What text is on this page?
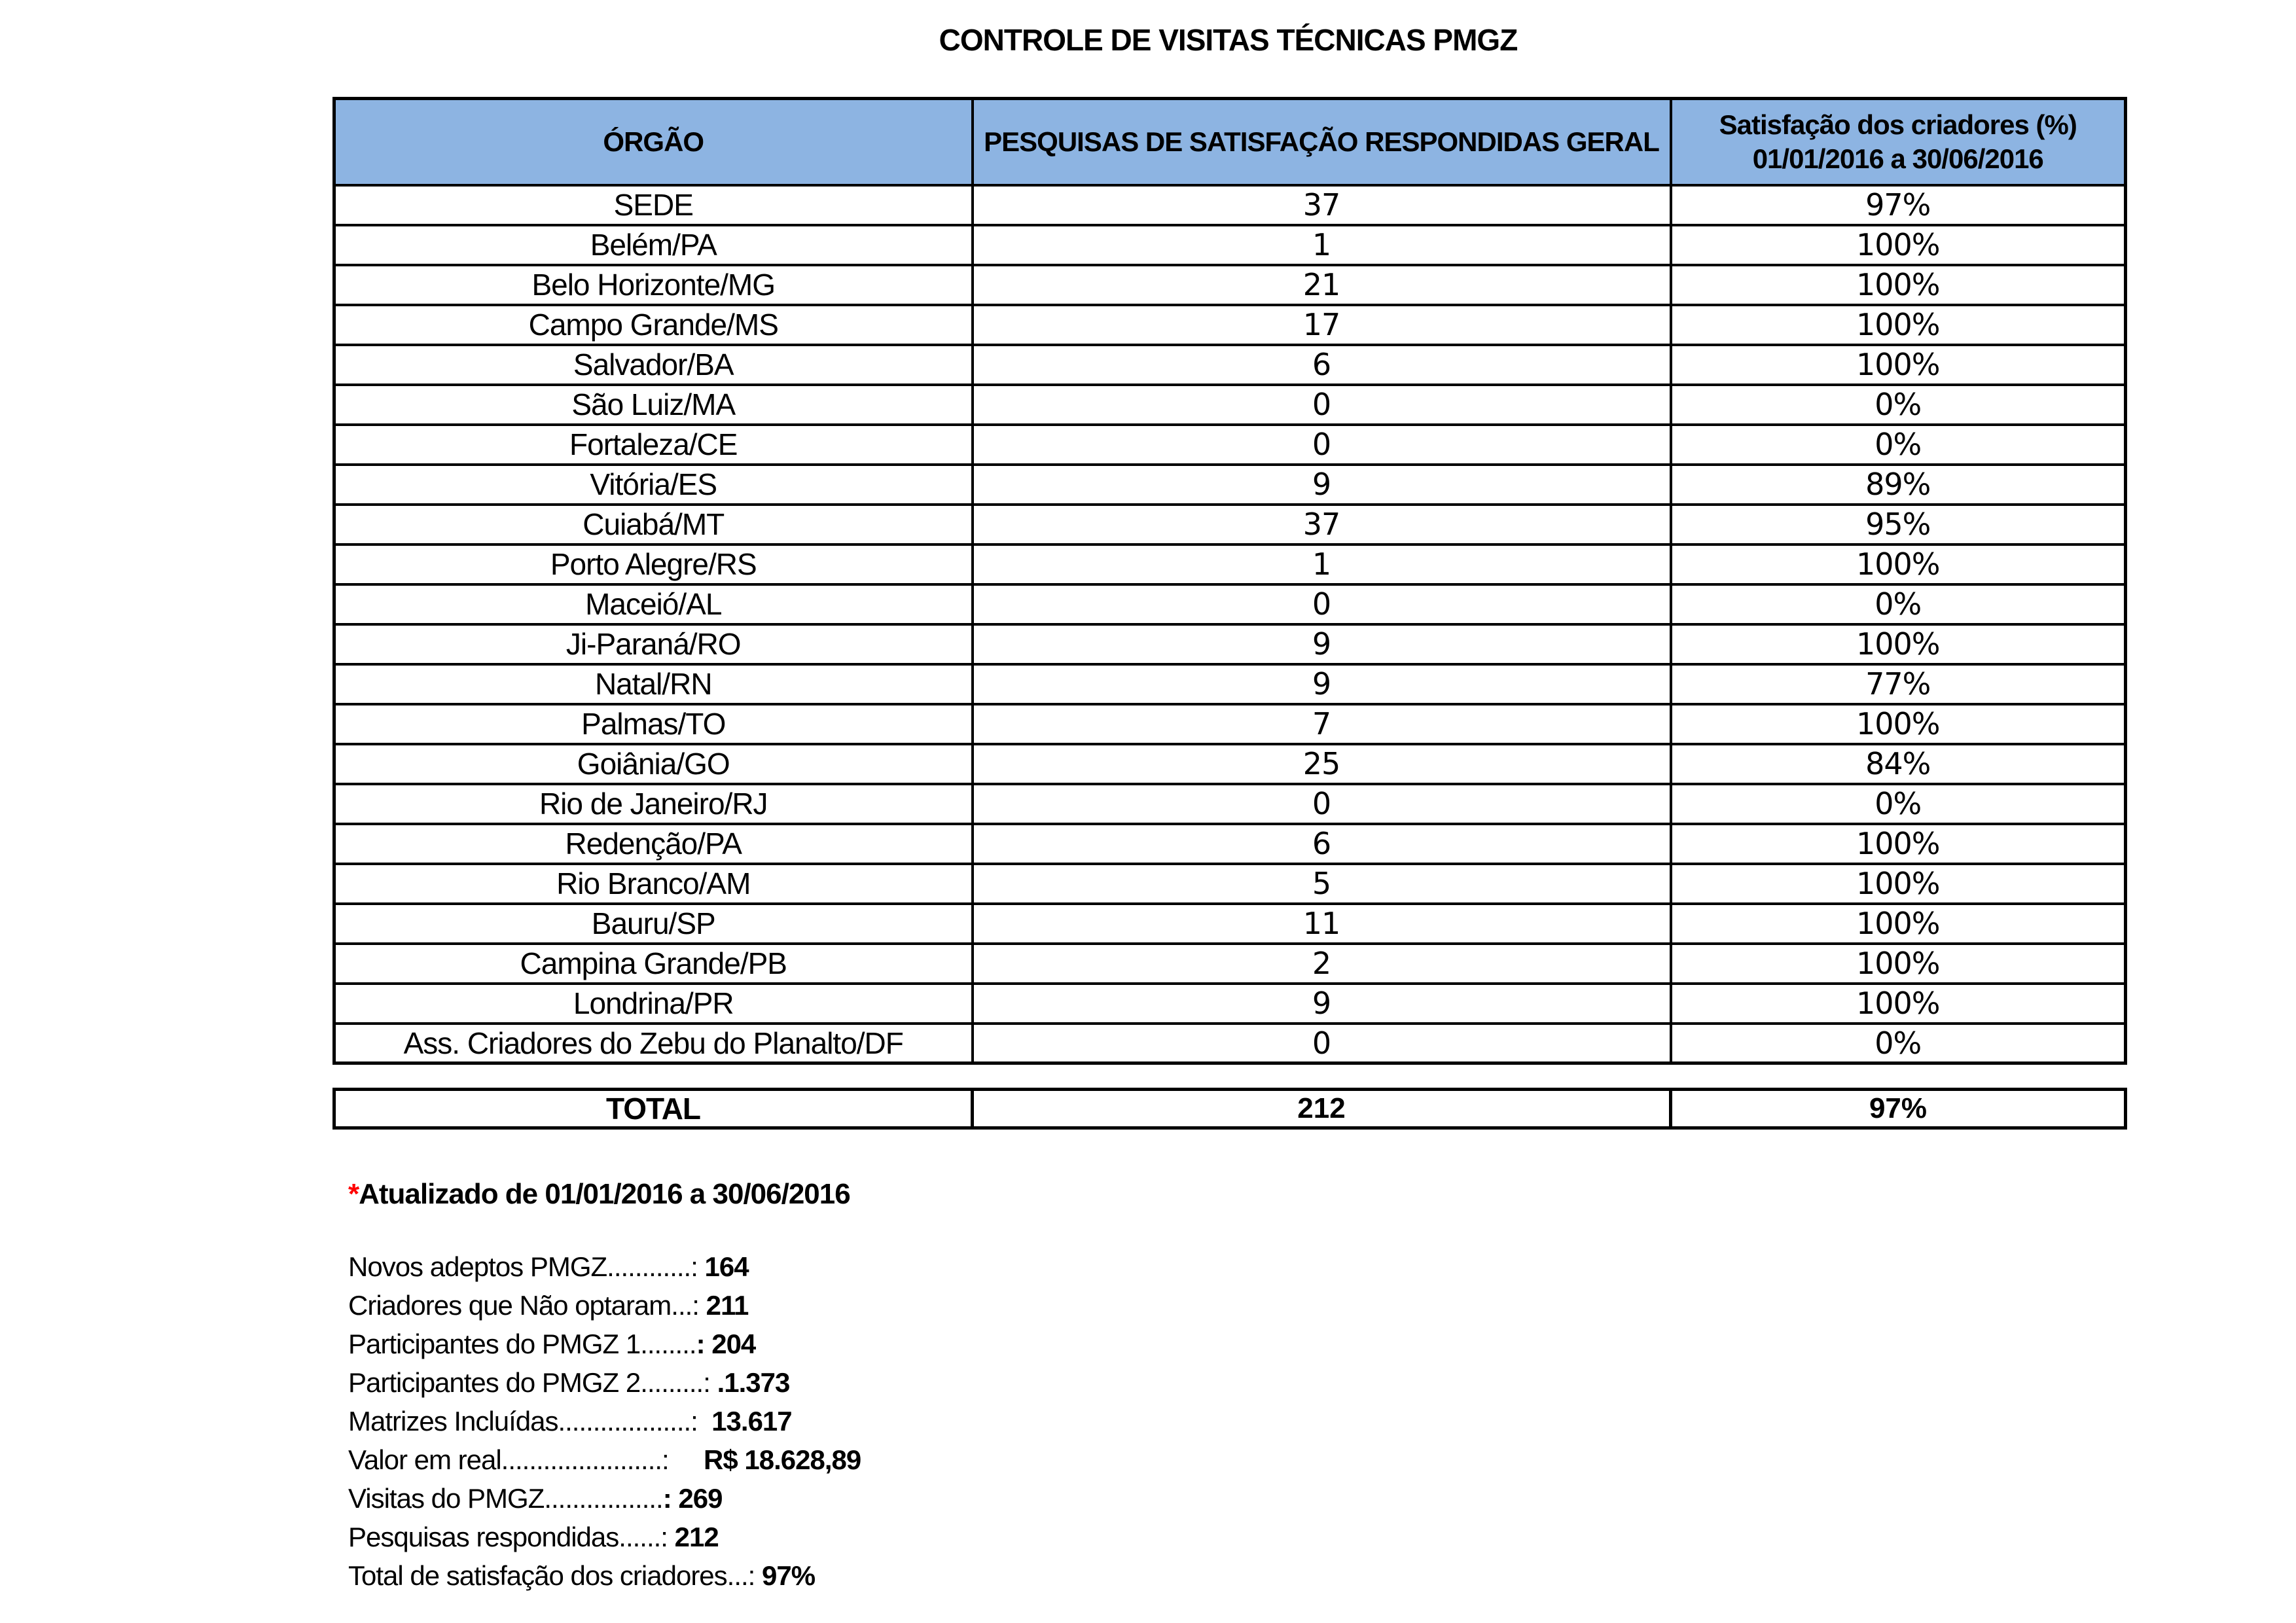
CONTROLE DE VISITAS TÉCNICAS PMGZ
ÓRGÃO	PESQUISAS DE SATISFAÇÃO RESPONDIDAS GERAL	Satisfação dos criadores (%)
01/01/2016 a 30/06/2016

SEDE	37	97%
Belém/PA	1	100%
Belo Horizonte/MG	21	100%
Campo Grande/MS	17	100%
Salvador/BA	6	100%
São Luiz/MA	0	0%
Fortaleza/CE	0	0%
Vitória/ES	9	89%
Cuiabá/MT	37	95%
Porto Alegre/RS	1	100%
Maceió/AL	0	0%
Ji-Paraná/RO	9	100%
Natal/RN	9	77%
Palmas/TO	7	100%
Goiânia/GO	25	84%
Rio de Janeiro/RJ	0	0%
Redenção/PA	6	100%
Rio Branco/AM	5	100%
Bauru/SP	11	100%
Campina Grande/PB	2	100%
Londrina/PR	9	100%
Ass. Criadores do Zebu do Planalto/DF	0	0%
TOTAL	212	97%
*Atualizado de 01/01/2016 a 30/06/2016
Novos adeptos PMGZ............: 164
Criadores que Não optaram...: 211
Participantes do PMGZ 1........: 204
Participantes do PMGZ 2.........: .1.373
Matrizes Incluídas...................:  13.617
Valor em real.......................:     R$ 18.628,89
Visitas do PMGZ.................: 269
Pesquisas respondidas......: 212
Total de satisfação dos criadores...: 97%
